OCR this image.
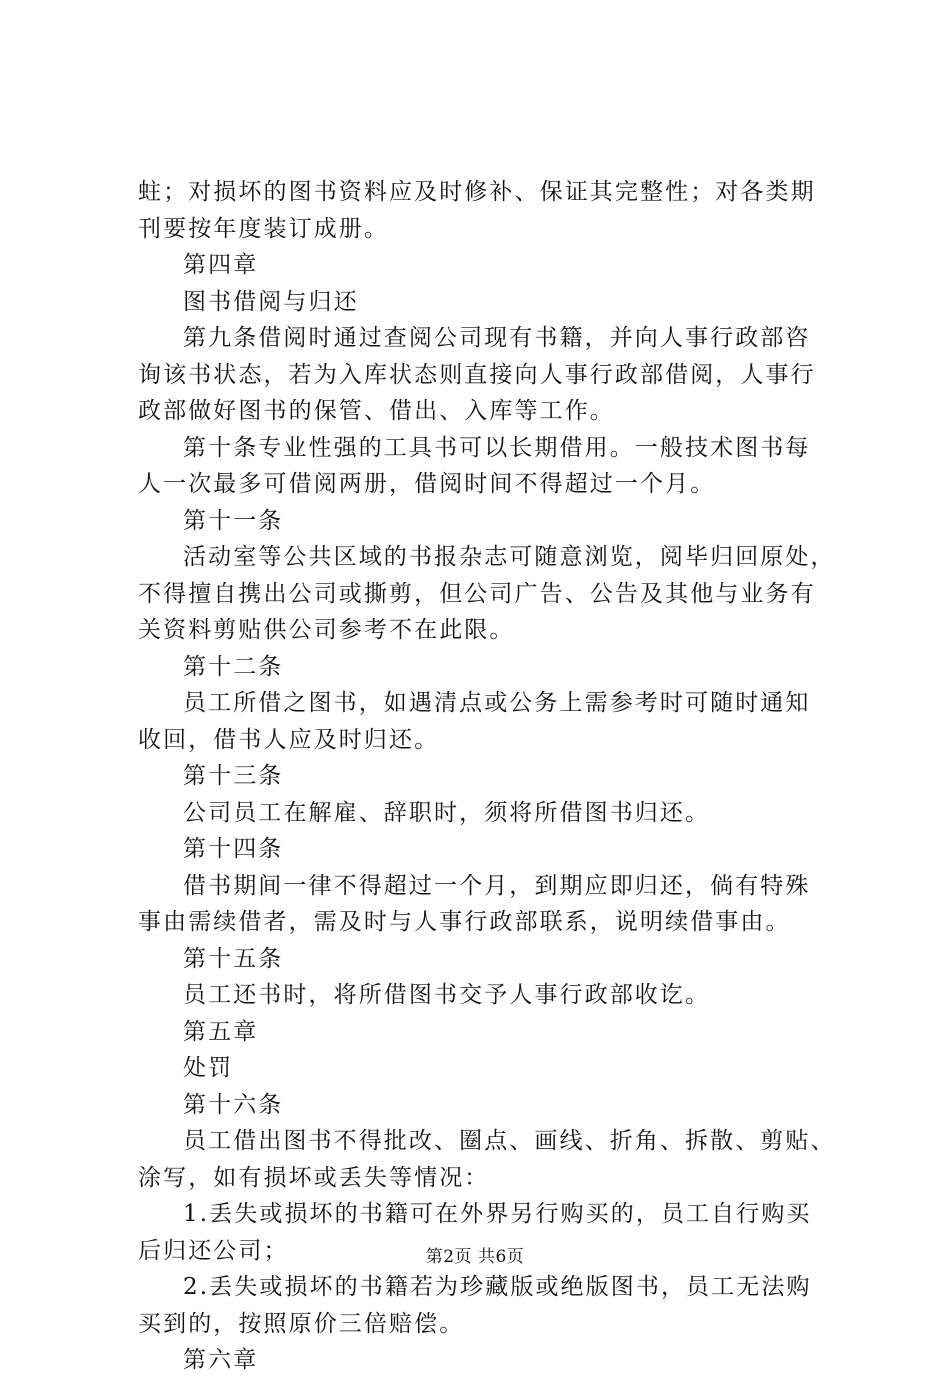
蛀；对损坏的图书资料应及时修补、保证其完整性；对各类期
刊要按年度装订成册。
第四章
图书借阅与归还
第九条借阅时通过查阅公司现有书籍，并向人事行政部咨
询该书状态，若为入库状态则直接向人事行政部借阅，人事行
政部做好图书的保管、借出、入库等工作。
第十条专业性强的工具书可以长期借用。一般技术图书每
人一次最多可借阅两册，借阅时间不得超过一个月。
第十一条
活动室等公共区域的书报杂志可随意浏览，阅毕归回原处，
不得擅自携出公司或撕剪，但公司广告、公告及其他与业务有
关资料剪贴供公司参考不在此限。
第十二条
员工所借之图书，如遇清点或公务上需参考时可随时通知
收回，借书人应及时归还。
第十三条
公司员工在解雇、辞职时，须将所借图书归还。
第十四条
借书期间一律不得超过一个月，到期应即归还，倘有特殊
事由需续借者，需及时与人事行政部联系，说明续借事由。
第十五条
员工还书时，将所借图书交予人事行政部收讫。
第五章
处罚
第十六条
员工借出图书不得批改、圈点、画线、折角、拆散、剪贴、
涂写，如有损坏或丢失等情况：
1.丢失或损坏的书籍可在外界另行购买的，员工自行购买
后归还公司；
2.丢失或损坏的书籍若为珍藏版或绝版图书，员工无法购
买到的，按照原价三倍赔偿。
第六章
第2页 共6页
